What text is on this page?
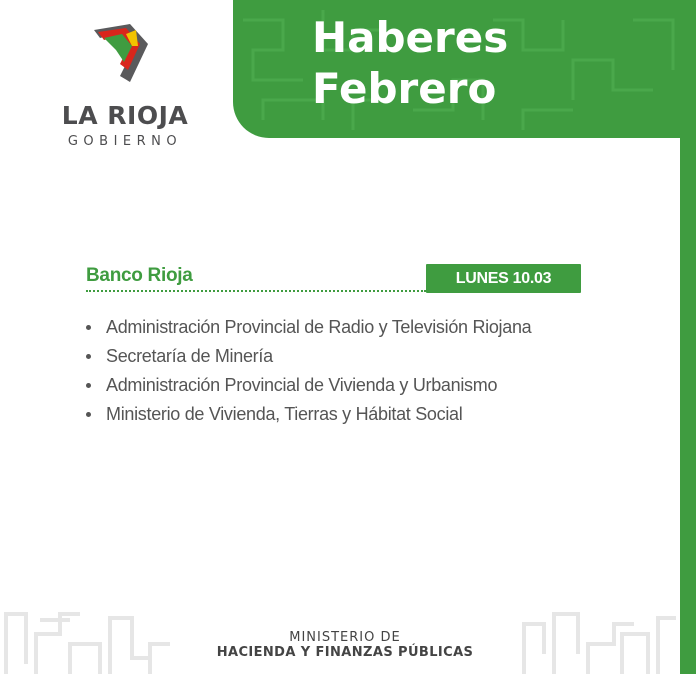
LA RIOJA
GOBIERNO
Haberes
Febrero
Banco Rioja	LUNES 10.03
Administración Provincial de Radio y Televisión Riojana
Secretaría de Minería
Administración Provincial de Vivienda y Urbanismo
Ministerio de Vivienda, Tierras y Hábitat Social
MINISTERIO DE
HACIENDA Y FINANZAS PÚBLICAS
